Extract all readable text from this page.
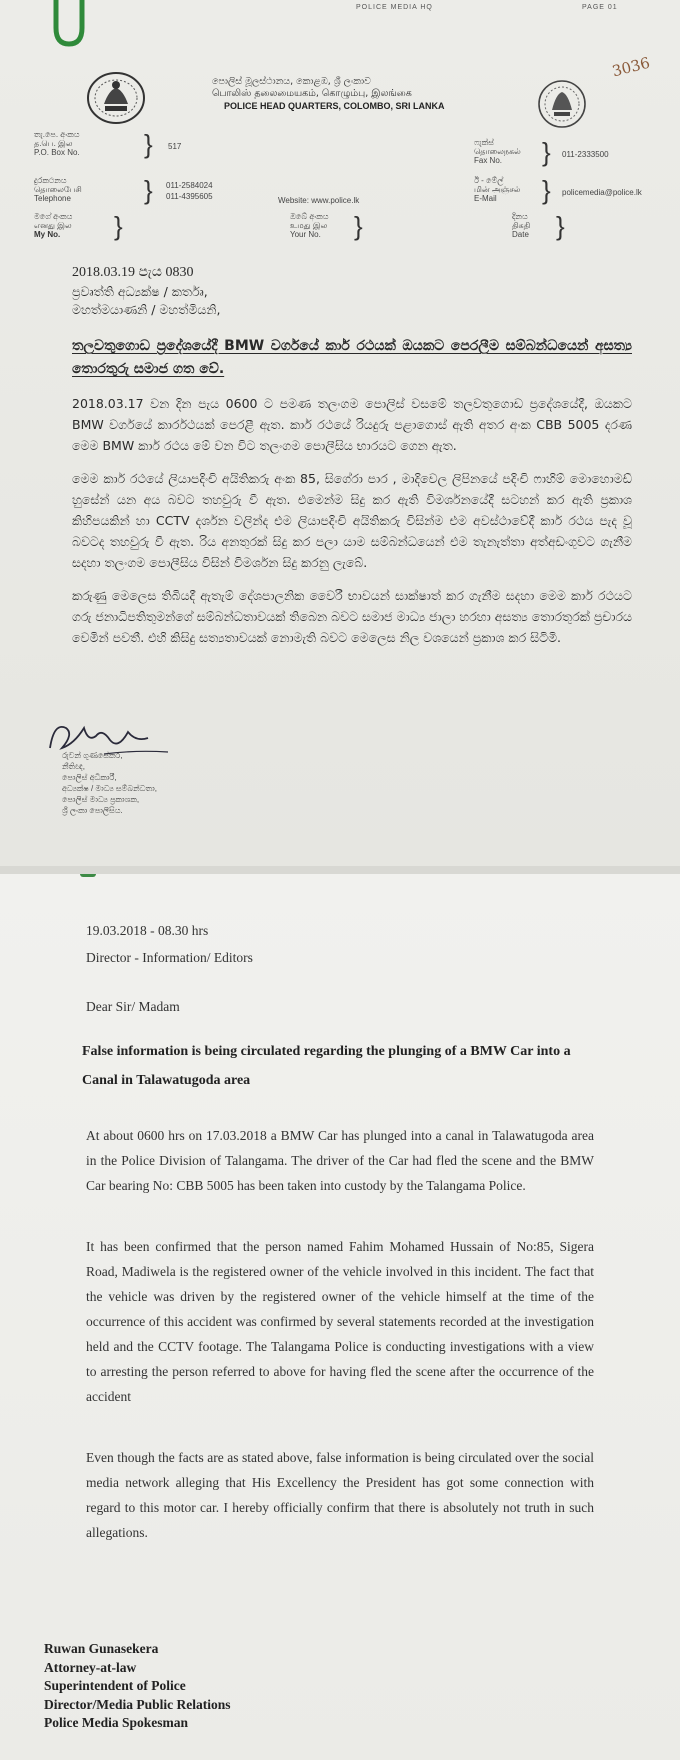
POLICE MEDIA HQ	PAGE 01
3036
පොලිස් මූලස්ථානය, කොළඹ, ශ්‍රී ලංකාව
பொலிஸ் தலைமையகம், கொழும்பு, இலங்கை
POLICE HEAD QUARTERS, COLOMBO, SRI LANKA
තැ.පෙ. අංකය
த.பெ. இல
P.O. Box No.	} 517
දුරකථනය
தொலைபேசி
Telephone	} 011-2584024
011-4395605	Website: www.police.lk
ෆැක්ස්
தொலைநகல்
Fax No.	} 011-2333500
ඊ - මේල්
மின் அஞ்சல்
E-Mail	} policemedia@police.lk
මගේ අංකය
எனது இல
My No.	}	ඔබේ අංකය
உமது இல
Your No.	}	දිනය
திகதி
Date	}
2018.03.19 පැය 0830
ප්‍රවෘත්ති අධ්‍යක්ෂ / කර්තෘ,
මහත්මයාණනි / මහත්මියනි,
තලවතුගොඩ ප්‍රදේශයේදී BMW වර්ගයේ කාර් රථයක් ඔයකට පෙරලීම සම්බන්ධයෙන් අසත්‍ය තොරතුරු සමාජ ගත වේ.
2018.03.17 වන දින පැය 0600 ට පමණ තලංගම පොලිස් වසමේ තලවතුගොඩ ප්‍රදේශයේදී, ඔයකට BMW වර්ගයේ කාර්රථයක් පෙරළී ඇත. කාර් රථයේ රියදුරු පළාගොස් ඇති අතර අංක CBB 5005 දරණ මෙම BMW කාර් රථය මේ වන විට තලංගම පොලීසිය භාරයට ගෙන ඇත.
මෙම කාර් රථයේ ලියාපදිංචි අයිතිකරු අංක 85, සිගේරා පාර , මාදිවෙල ලිපිනයේ පදිංචි ෆාහිම් මොහොමඩ් හුසේන් යන අය බවට තහවුරු වී ඇත. එමෙන්ම සිදු කර ඇති විමර්ශනයේදී සටහන් කර ඇති ප්‍රකාශ කිහිපයකින් හා CCTV දර්ශන වලින්ද එම ලියාපදිංචි අයිතිකරු විසින්ම එම අවස්ථාවේදී කාර් රථය පැද වූ බවටද තහවුරු වී ඇත. රිය අනතුරක් සිදු කර පලා යාම සම්බන්ධයෙන් එම තැනැත්තා අත්අඩංගුවට ගැනීම සදහා තලංගම පොලීසිය විසින් විමර්ශන සිදු කරනු ලැබේ.
කරුණු මෙලෙස තිබියදී ඇතැම් දේශපාලනික වෛරී භාවයන් සාක්ෂාත් කර ගැනීම සදහා මෙම කාර් රථයට ගරු ජනාධිපතිතුමන්ගේ සම්බන්ධතාවයක් තිබෙන බවට සමාජ මාධ්‍ය ජාලා හරහා අසත්‍ය තොරතුරක් ප්‍රචාරය වෙමින් පවතී. එහි කිසිදු සත්‍යතාවයක් නොමැති බවට මෙලෙස නිල වශයෙන් ප්‍රකාශ කර සිටිමි.
රුවන් ගුණසේකර,
නීතිඥ,
පොලිස් අධිකාරී,
අධ්‍යක්ෂ / මාධ්‍ය සම්බන්ධතා,
පොලිස් මාධ්‍ය ප්‍රකාශක,
ශ්‍රී ලංකා පොලීසිය.
19.03.2018 - 08.30 hrs
Director - Information/ Editors
Dear Sir/ Madam
False information is being circulated regarding the plunging of a BMW Car into a
Canal in Talawatugoda area
At about 0600 hrs on 17.03.2018 a BMW Car has plunged into a canal in Talawatugoda area in the Police Division of Talangama. The driver of the Car had fled the scene and the BMW Car bearing No: CBB 5005 has been taken into custody by the Talangama Police.
It has been confirmed that the person named Fahim Mohamed Hussain of No:85, Sigera Road, Madiwela is the registered owner of the vehicle involved in this incident. The fact that the vehicle was driven by the registered owner of the vehicle himself at the time of the occurrence of this accident was confirmed by several statements recorded at the investigation held and the CCTV footage. The Talangama Police is conducting investigations with a view to arresting the person referred to above for having fled the scene after the occurrence of the accident
Even though the facts are as stated above, false information is being circulated over the social media network alleging that His Excellency the President has got some connection with regard to this motor car. I hereby officially confirm that there is absolutely not truth in such allegations.
Ruwan Gunasekera
Attorney-at-law
Superintendent of Police
Director/Media Public Relations
Police Media Spokesman
